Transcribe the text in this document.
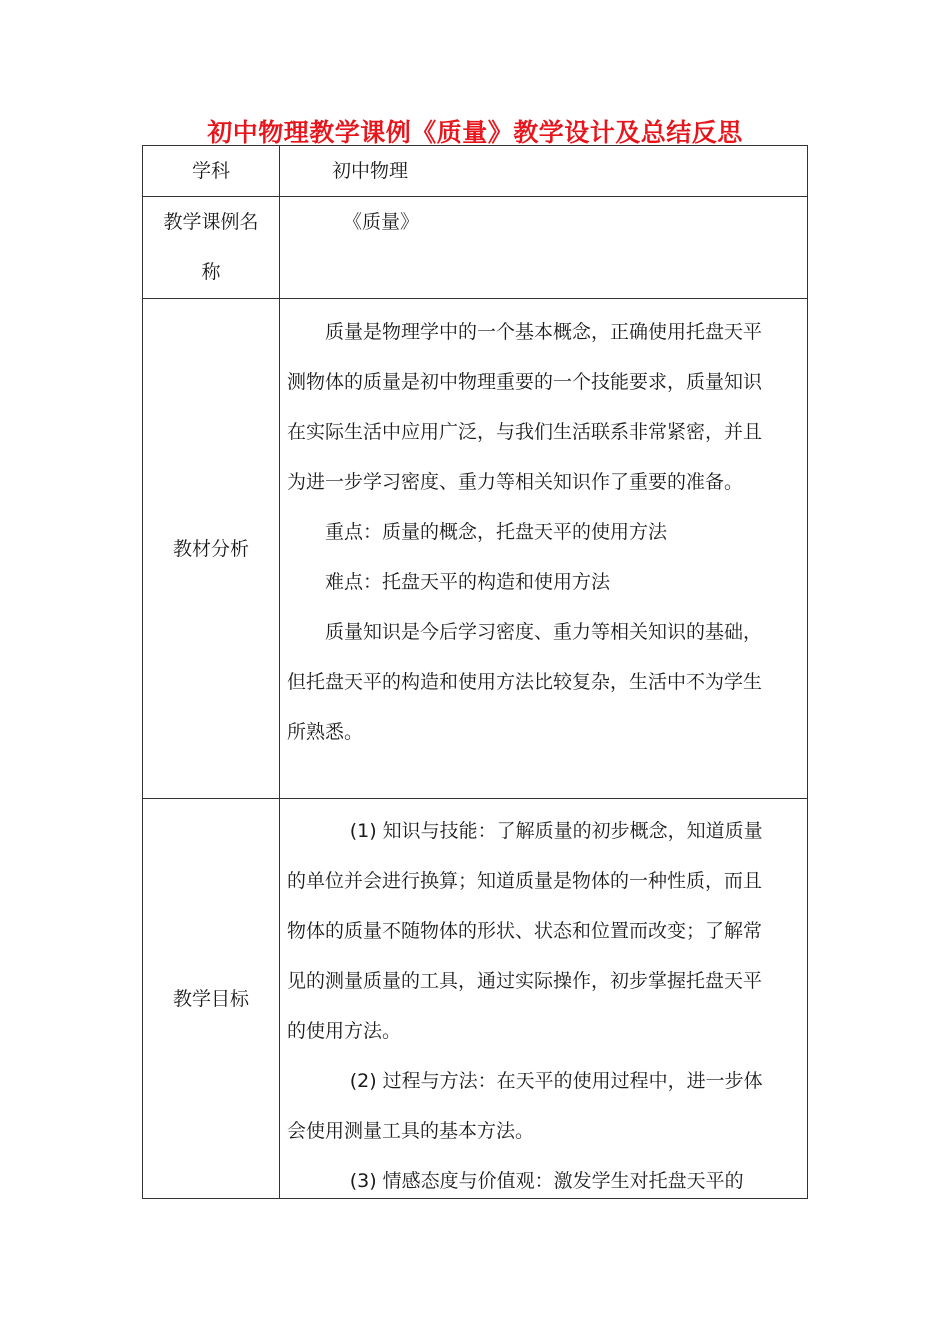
初中物理教学课例《质量》教学设计及总结反思
学科	初中物理
教学课例名
称
《质量》
教材分析

质量是物理学中的一个基本概念，正确使用托盘天平

测物体的质量是初中物理重要的一个技能要求，质量知识

在实际生活中应用广泛，与我们生活联系非常紧密，并且

为进一步学习密度、重力等相关知识作了重要的准备。

重点：质量的概念，托盘天平的使用方法

难点：托盘天平的构造和使用方法

质量知识是今后学习密度、重力等相关知识的基础，

但托盘天平的构造和使用方法比较复杂，生活中不为学生

所熟悉。

教学目标

(1) 知识与技能：了解质量的初步概念，知道质量

的单位并会进行换算；知道质量是物体的一种性质，而且

物体的质量不随物体的形状、状态和位置而改变；了解常

见的测量质量的工具，通过实际操作，初步掌握托盘天平

的使用方法。

(2) 过程与方法：在天平的使用过程中，进一步体

会使用测量工具的基本方法。

(3) 情感态度与价值观：激发学生对托盘天平的
